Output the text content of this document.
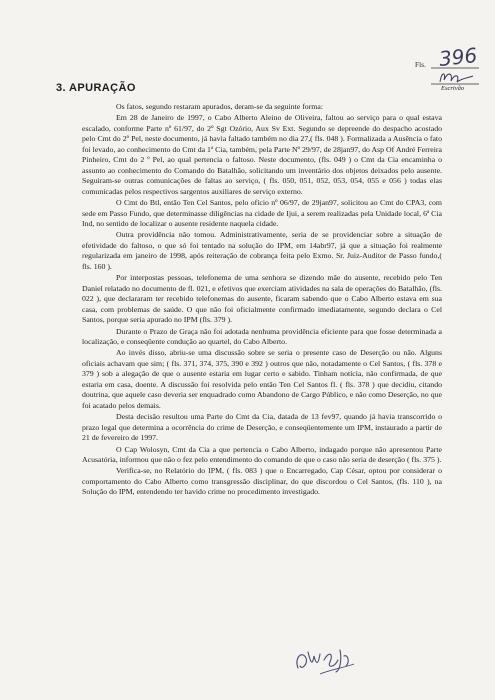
Fls. 396
Escrivão
3. APURAÇÃO

Os fatos, segundo restaram apurados, deram-se da seguinte forma:

Em 28 de Janeiro de 1997, o Cabo Alberto Aleino de Oliveira, faltou ao serviço para o qual estava escalado, conforme Parte nº 61/97, do 2º Sgt Ozório, Aux Sv Ext. Segundo se depreende do despacho acostado pelo Cmt do 2º Pel, neste documento, já havia faltado também no dia 27,( fls. 048 ). Formalizada a Ausência o fato foi levado, ao conhecimento do Cmt da 1ª Cia, também, pela Parte Nº 29/97, de 28jan97, do Asp Of André Ferreira Pinheiro, Cmt do 2 º Pel, ao qual pertencia o faltoso. Neste documento, (fls. 049 ) o Cmt da Cia encaminha o assunto ao conhecimento do Comando do Batalhão, solicitando um inventário dos objetos deixados pelo ausente. Seguiram-se outras comunicações de faltas ao serviço, ( fls. 050, 051, 052, 053, 054, 055 e 056 ) todas elas comunicadas pelos respectivos sargentos auxiliares de serviço externo.

O Cmt do Btl, então Ten Cel Santos, pelo ofício nº 06/97, de 29jan97, solicitou ao Cmt do CPA3, com sede em Passo Fundo, que determinasse diligências na cidade de Ijui, a serem realizadas pela Unidade local, 6ª Cia Ind, no sentido de localizar o ausente residente naquela cidade.

Outra providência não tomou. Administrativamente, seria de se providenciar sobre a situação de efetividade do faltoso, o que só foi tentado na solução do IPM, em 14abr97, já que a situação foi realmente regularizada em janeiro de 1998, após reiteração de cobrança feita pelo Exmo. Sr. Juiz-Auditor de Passo fundo,( fls. 160 ).

Por interpostas pessoas, telefonema de uma senhora se dizendo mãe do ausente, recebido pelo Ten Daniel relatado no documento de fl. 021, e efetivos que exerciam atividades na sala de operações do Batalhão, (fls. 022 ), que declararam ter recebido telefonemas do ausente, ficaram sabendo que o Cabo Alberto estava em sua casa, com problemas de saúde. O que não foi oficialmente confirmado imediatamente, segundo declara o Cel Santos, porque seria apurado no IPM (fls. 379 ).

Durante o Prazo de Graça não foi adotada nenhuma providência eficiente para que fosse determinada a localização, e conseqüente condução ao quartel, do Cabo Alberto.

Ao invés disso, abriu-se uma discussão sobre se seria o presente caso de Deserção ou não. Alguns oficiais achavam que sim; ( fls. 371, 374, 375, 390 e 392 ) outros que não, notadamente o Cel Santos, ( fls. 378 e 379 ) sob a alegação de que o ausente estaria em lugar certo e sabido. Tinham notícia, não confirmada, de que estaria em casa, doente. A discussão foi resolvida pelo então Ten Cel Santos fl. ( fls. 378 ) que decidiu, citando doutrina, que aquele caso deveria ser enquadrado como Abandono de Cargo Público, e não como Deserção, no que foi acatado pelos demais.

Desta decisão resultou uma Parte do Cmt da Cia, datada de 13 fev97, quando já havia transcorrido o prazo legal que determina a ocorrência do crime de Deserção, e conseqüentemente um IPM, instaurado a partir de 21 de fevereiro de 1997.

O Cap Wolosyn, Cmt da Cia a que pertencia o Cabo Alberto, indagado porque não apresentou Parte Acusatória, informou que não o fez pelo entendimento do comando de que o caso não seria de deserção ( fls. 375 ).

Verifica-se, no Relatório do IPM, ( fls. 083 ) que o Encarregado, Cap César, optou por considerar o comportamento do Cabo Alberto como transgressão disciplinar, do que discordou o Cel Santos, (fls. 110 ), na Solução do IPM, entendendo ter havido crime no procedimento investigado.
